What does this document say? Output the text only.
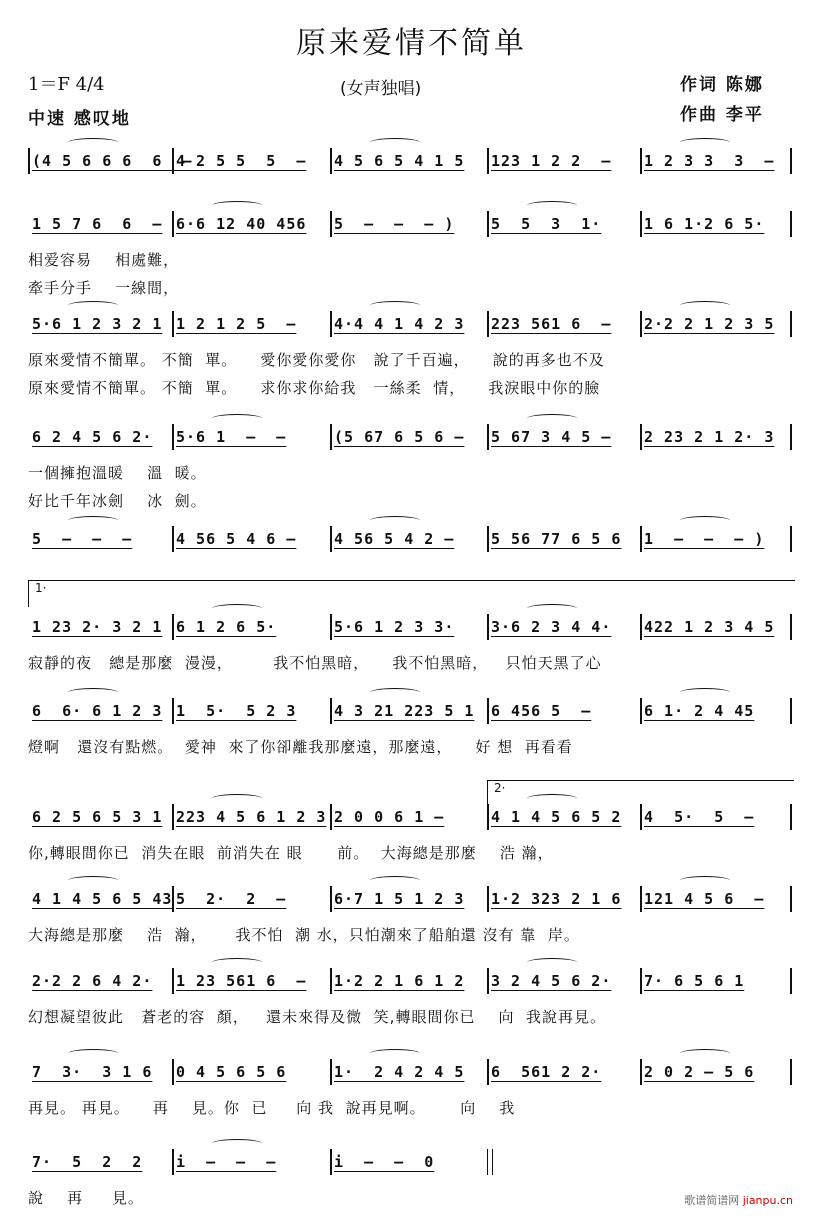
原来爱情不简单
1＝F 4/4
中速 感叹地
(女声独唱)	作词 陈娜
作曲 李平
(4 5 6 6 6  6  –
4 2 5 5  5  – 4 5 6 5 4 1 5 123 1 2 2  – 1 2 3 3  3  –
1 5 7 6  6  – 6·6 12 40 456 5  –  –  – ) 5  5  3  1·	1 6 1·2 6 5·
相爱容易    相處難，
牽手分手    一線間，
5·6 1 2 3 2 1 1 2 1 2 5  –	4·4 4 1 4 2 3 223 561 6  – 2·2 2 1 2 3 5
原來愛情不簡單。 不簡  單。    愛你愛你愛你   說了千百遍，    說的再多也不及
原來愛情不簡單。 不簡  單。    求你求你給我   一絲柔  情，    我淚眼中你的臉
6 2 4 5 6 2· 5·6 1  –  –	(5 67 6 5 6 – 5 67 3 4 5 – 2 23 2 1 2· 3
一個擁抱溫暖    溫  暖。
好比千年冰劍    冰  劍。
5  –  –  –	4 56 5 4 6 –	4 56 5 4 2 – 5 56 77 6 5 6 1  –  –  – )
1 23 2· 3 2 1 6 1 2 6 5·	5·6 1 2 3 3· 3·6 2 3 4 4· 422 1 2 3 4 5
寂靜的夜   總是那麼  漫漫，       我不怕黑暗，    我不怕黑暗，   只怕天黑了心
6  6· 6 1 2 3 1  5·  5 2 3	4 3 21 223 5 1 6 456 5  –	6 1· 2 4 45
燈啊   還沒有點燃。  愛神  來了你卻離我那麼遠，那麼遠，    好 想  再看看
6 2 5 6 5 3 1 223 4 5 6 1 2 3 2 0 0 6 1 –	4 1 4 5 6 5 2 4  5·  5  –
你,轉眼間你已  消失在眼  前消失在 眼      前。  大海總是那麼    浩 瀚，
4 1 4 5 6 5 43 5  2·  2  –	6·7 1 5 1 2 3 1·2 323 2 1 6 121 4 5 6  –
大海總是那麼    浩  瀚，     我不怕  潮 水，只怕潮來了船舶還 沒有 靠  岸。
2·2 2 6 4 2· 1 23 561 6  – 1·2 2 1 6 1 2 3 2 4 5 6 2· 7· 6 5 6 1
幻想凝望彼此   蒼老的容  顏，   還未來得及微  笑,轉眼間你已    向  我說再見。
7  3·  3 1 6 0 4 5 6 5 6	1·  2 4 2 4 5 6  561 2 2·	2 0 2 – 5 6
再見。 再見。    再    見。你  已     向 我  說再見啊。      向    我
7·  5  2  2 i  –  –  –	i  –  –  0
說    再     見。	歌谱简谱网 jianpu.cn
1·
2·
